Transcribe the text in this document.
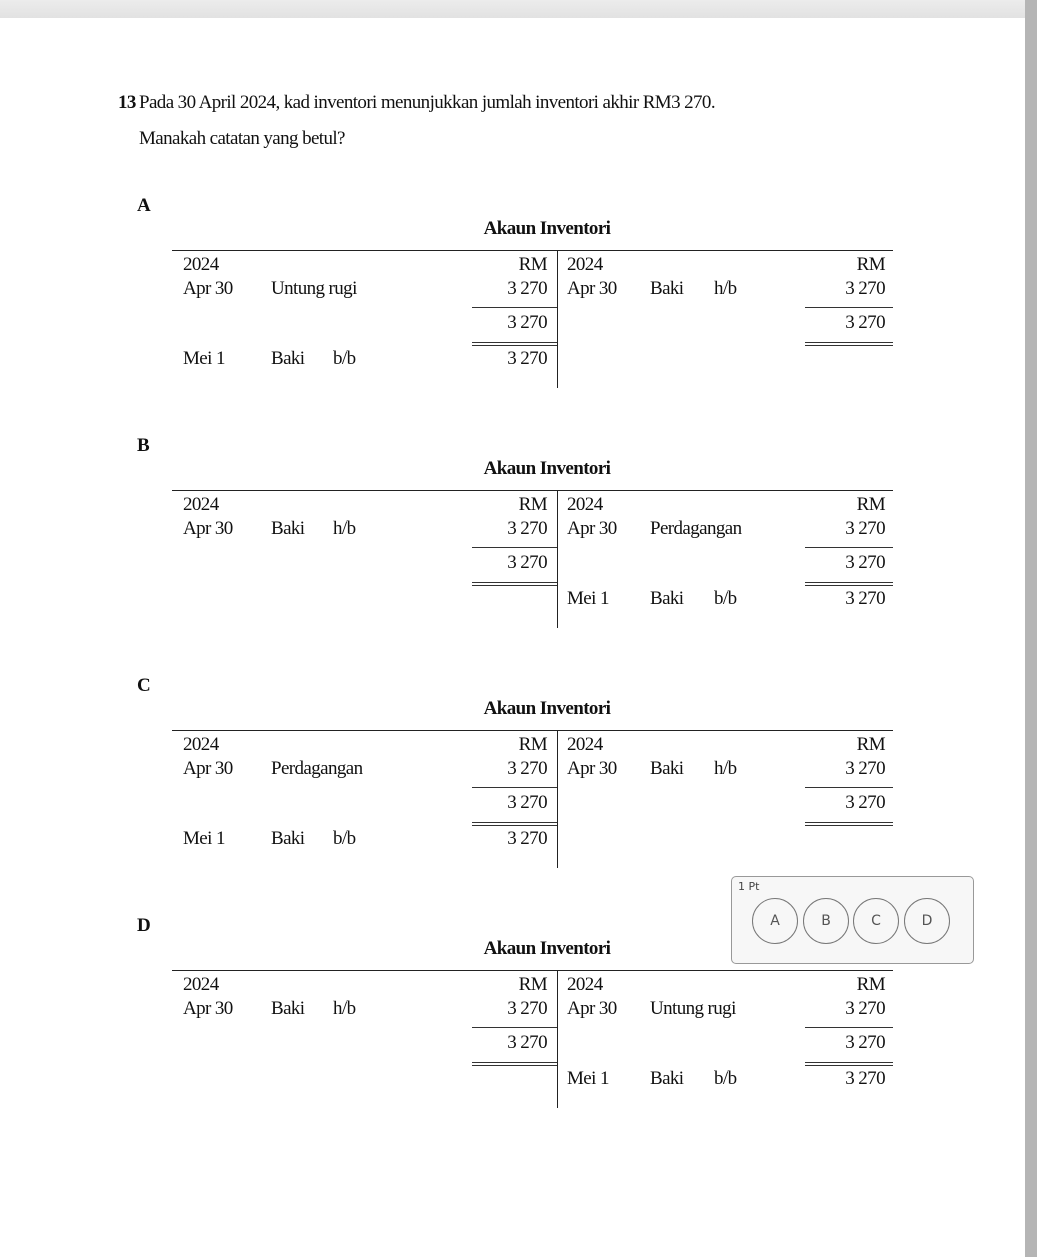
13 Pada 30 April 2024, kad inventori menunjukkan jumlah inventori akhir RM3 270.
Manakah catatan yang betul?
A
Akaun Inventori
2024	RM
Apr 30 Untung rugi	3 270
3 270
Mei 1 Baki b/b	3 270
2024	RM
Apr 30 Baki h/b	3 270
3 270
B
Akaun Inventori
2024	RM
Apr 30 Baki h/b	3 270
3 270
2024	RM
Apr 30 Perdagangan	3 270
3 270
Mei 1 Baki b/b	3 270
C
Akaun Inventori
2024	RM
Apr 30 Perdagangan	3 270
3 270
Mei 1 Baki b/b	3 270
2024	RM
Apr 30 Baki h/b	3 270
3 270
D
Akaun Inventori
2024	RM
Apr 30 Baki h/b	3 270
3 270
2024	RM
Apr 30 Untung rugi	3 270
3 270
Mei 1 Baki b/b	3 270
1 Pt
A	B	C	D
